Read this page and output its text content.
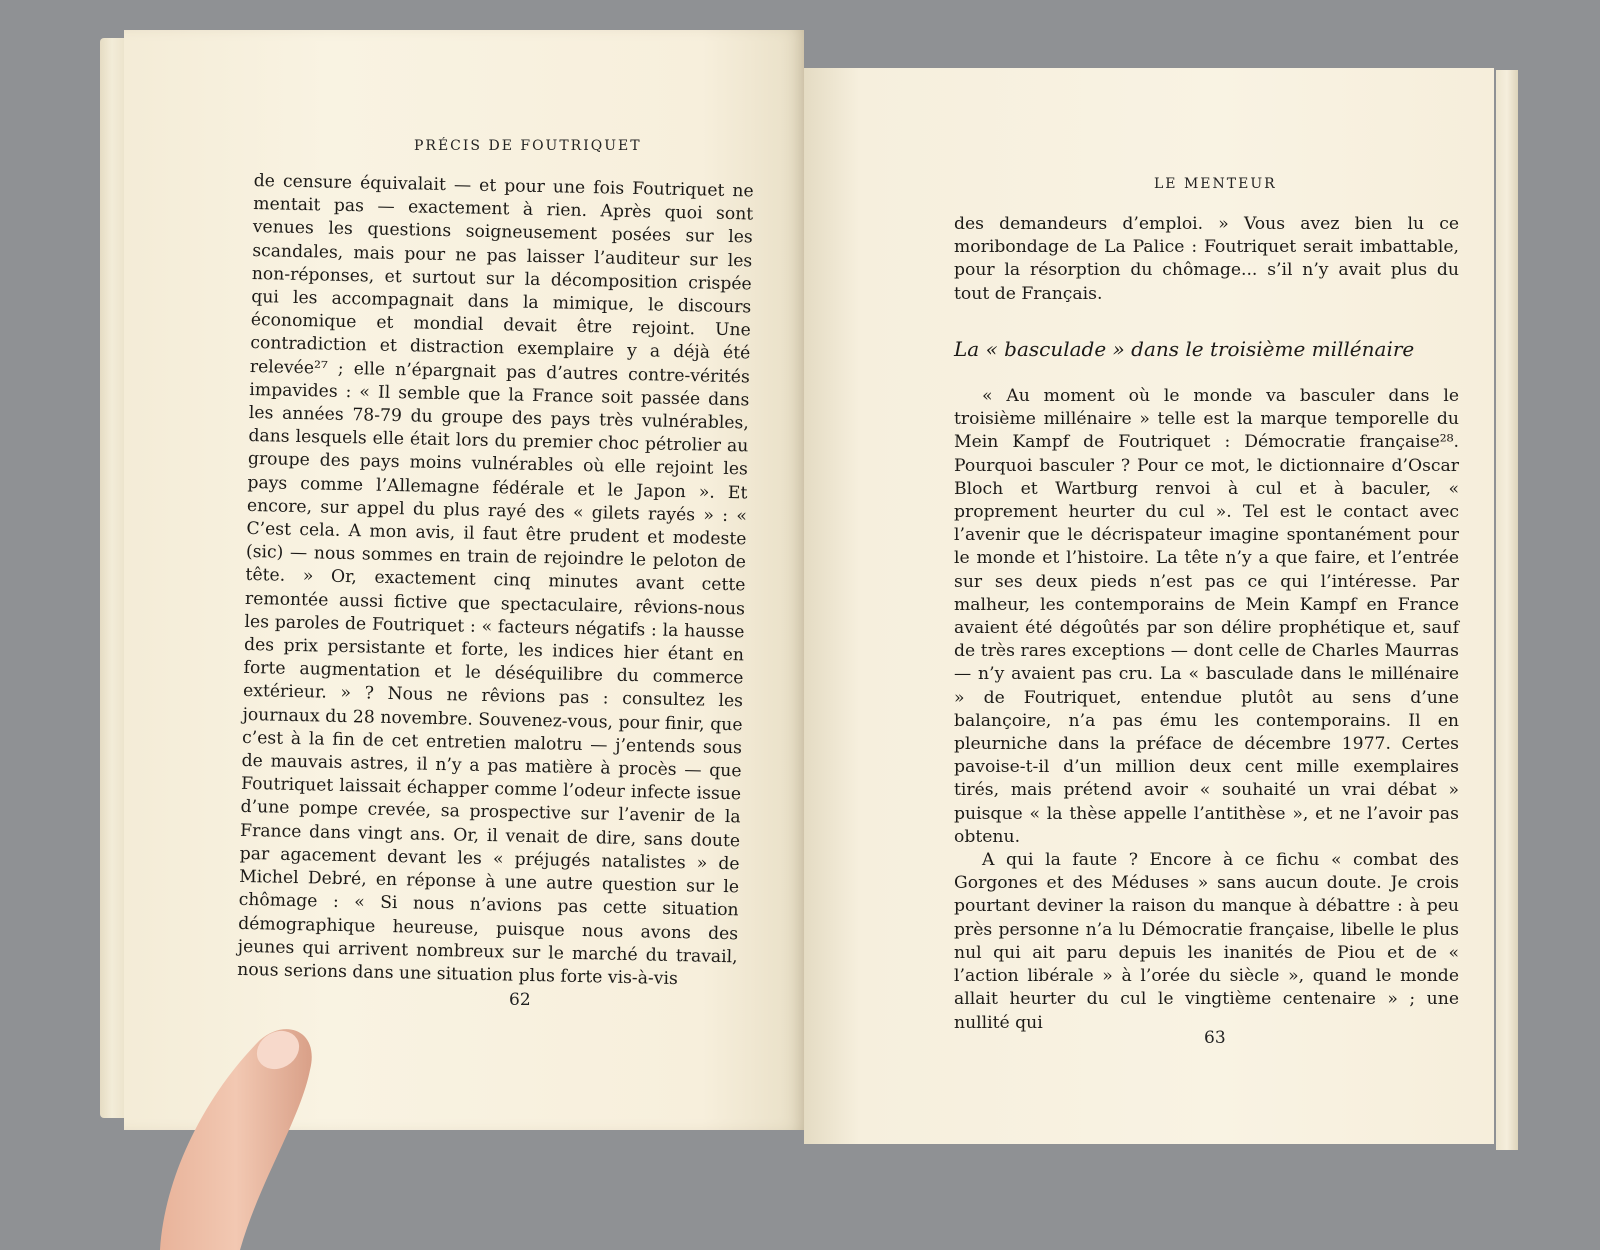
PRÉCIS DE FOUTRIQUET

de censure équivalait — et pour une fois Foutriquet ne mentait pas — exactement à rien. Après quoi sont venues les questions soigneusement posées sur les scandales, mais pour ne pas laisser l’auditeur sur les non-réponses, et surtout sur la décomposition crispée qui les accompagnait dans la mimique, le discours économique et mondial devait être rejoint. Une contradiction et distraction exemplaire y a déjà été relevée²⁷ ; elle n’épargnait pas d’autres contre-vérités impavides : « Il semble que la France soit passée dans les années 78-79 du groupe des pays très vulnérables, dans lesquels elle était lors du premier choc pétrolier au groupe des pays moins vulnérables où elle rejoint les pays comme l’Allemagne fédérale et le Japon ». Et encore, sur appel du plus rayé des « gilets rayés » : « C’est cela. A mon avis, il faut être prudent et modeste (sic) — nous sommes en train de rejoindre le peloton de tête. » Or, exactement cinq minutes avant cette remontée aussi fictive que spectaculaire, rêvions-nous les paroles de Foutriquet : « facteurs négatifs : la hausse des prix persistante et forte, les indices hier étant en forte augmentation et le déséquilibre du commerce extérieur. » ? Nous ne rêvions pas : consultez les journaux du 28 novembre. Souvenez-vous, pour finir, que c’est à la fin de cet entretien malotru — j’entends sous de mauvais astres, il n’y a pas matière à procès — que Foutriquet laissait échapper comme l’odeur infecte issue d’une pompe crevée, sa prospective sur l’avenir de la France dans vingt ans. Or, il venait de dire, sans doute par agacement devant les « préjugés natalistes » de Michel Debré, en réponse à une autre question sur le chômage : « Si nous n’avions pas cette situation démographique heureuse, puisque nous avons des jeunes qui arrivent nombreux sur le marché du travail, nous serions dans une situation plus forte vis-à-vis

62
LE MENTEUR

des demandeurs d’emploi. » Vous avez bien lu ce moribondage de La Palice : Foutriquet serait imbattable, pour la résorption du chômage... s’il n’y avait plus du tout de Français.

La « basculade » dans le troisième millénaire

« Au moment où le monde va basculer dans le troisième millénaire » telle est la marque temporelle du Mein Kampf de Foutriquet : Démocratie française²⁸. Pourquoi basculer ? Pour ce mot, le dictionnaire d’Oscar Bloch et Wartburg renvoi à cul et à baculer, « proprement heurter du cul ». Tel est le contact avec l’avenir que le décrispateur imagine spontanément pour le monde et l’histoire. La tête n’y a que faire, et l’entrée sur ses deux pieds n’est pas ce qui l’intéresse. Par malheur, les contemporains de Mein Kampf en France avaient été dégoûtés par son délire prophétique et, sauf de très rares exceptions — dont celle de Charles Maurras — n’y avaient pas cru. La « basculade dans le millénaire » de Foutriquet, entendue plutôt au sens d’une balançoire, n’a pas ému les contemporains. Il en pleurniche dans la préface de décembre 1977. Certes pavoise-t-il d’un million deux cent mille exemplaires tirés, mais prétend avoir « souhaité un vrai débat » puisque « la thèse appelle l’antithèse », et ne l’avoir pas obtenu.

A qui la faute ? Encore à ce fichu « combat des Gorgones et des Méduses » sans aucun doute. Je crois pourtant deviner la raison du manque à débattre : à peu près personne n’a lu Démocratie française, libelle le plus nul qui ait paru depuis les inanités de Piou et de « l’action libérale » à l’orée du siècle », quand le monde allait heurter du cul le vingtième centenaire » ; une nullité qui

63
